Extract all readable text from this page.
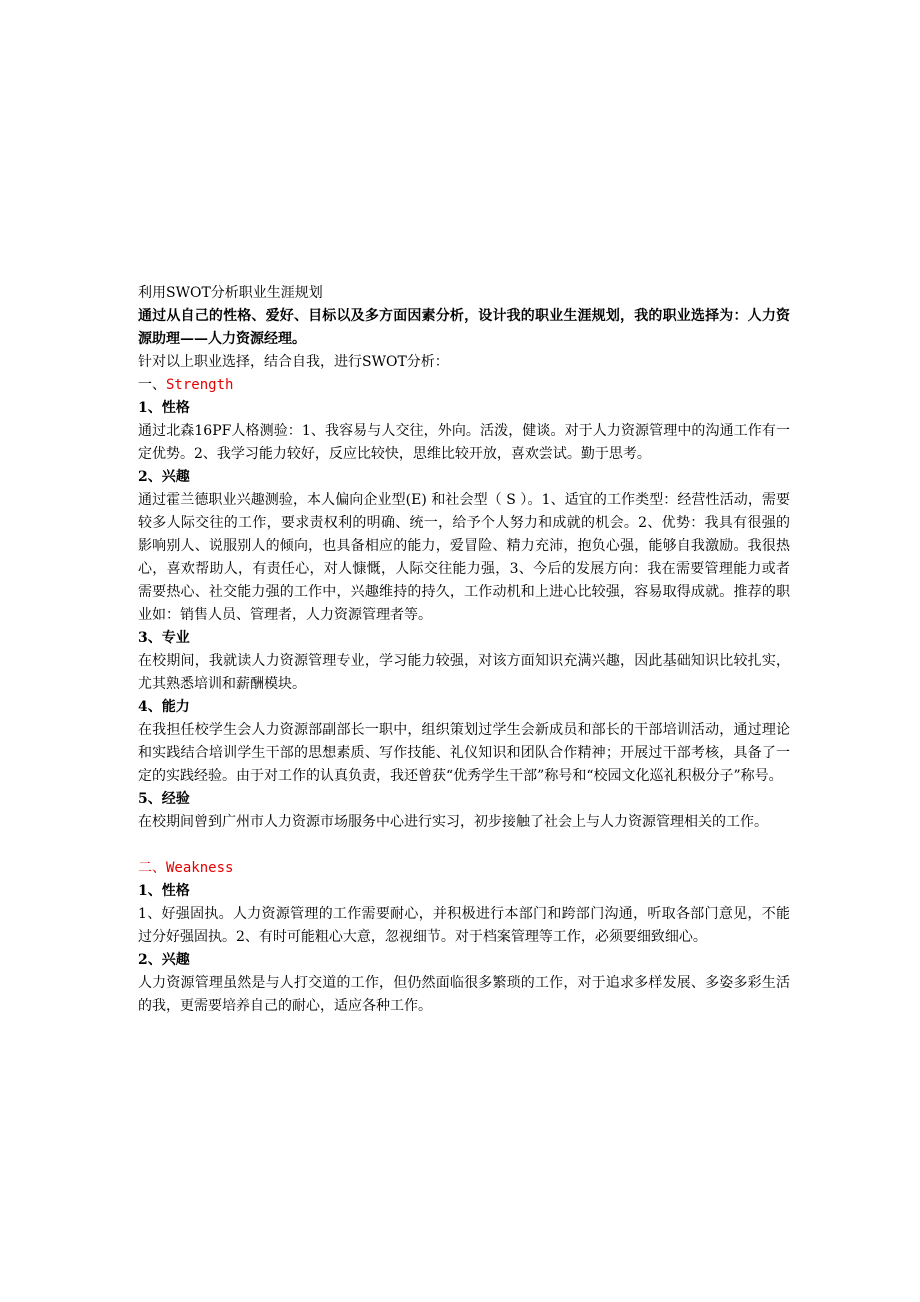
利用SWOT分析职业生涯规划
通过从自己的性格、爱好、目标以及多方面因素分析，设计我的职业生涯规划，我的职业选择为：人力资源助理——人力资源经理。
针对以上职业选择，结合自我，进行SWOT分析：
一、Strength
1、性格
通过北森16PF人格测验：1、我容易与人交往，外向。活泼，健谈。对于人力资源管理中的沟通工作有一定优势。2、我学习能力较好，反应比较快，思维比较开放，喜欢尝试。勤于思考。
2、兴趣
通过霍兰德职业兴趣测验，本人偏向企业型(E) 和社会型（ S ）。1、适宜的工作类型：经营性活动，需要较多人际交往的工作，要求责权利的明确、统一，给予个人努力和成就的机会。2、优势：我具有很强的影响别人、说服别人的倾向，也具备相应的能力，爱冒险、精力充沛，抱负心强，能够自我激励。我很热心，喜欢帮助人，有责任心，对人慷慨，人际交往能力强，3、今后的发展方向：我在需要管理能力或者需要热心、社交能力强的工作中，兴趣维持的持久，工作动机和上进心比较强，容易取得成就。推荐的职业如：销售人员、管理者，人力资源管理者等。
3、专业
在校期间，我就读人力资源管理专业，学习能力较强，对该方面知识充满兴趣，因此基础知识比较扎实，尤其熟悉培训和薪酬模块。
4、能力
在我担任校学生会人力资源部副部长一职中，组织策划过学生会新成员和部长的干部培训活动，通过理论和实践结合培训学生干部的思想素质、写作技能、礼仪知识和团队合作精神；开展过干部考核，具备了一定的实践经验。由于对工作的认真负责，我还曾获“优秀学生干部”称号和“校园文化巡礼积极分子”称号。
5、经验
在校期间曾到广州市人力资源市场服务中心进行实习，初步接触了社会上与人力资源管理相关的工作。
二、Weakness
1、性格
1、好强固执。人力资源管理的工作需要耐心，并积极进行本部门和跨部门沟通，听取各部门意见，不能过分好强固执。2、有时可能粗心大意，忽视细节。对于档案管理等工作，必须要细致细心。
2、兴趣
人力资源管理虽然是与人打交道的工作，但仍然面临很多繁琐的工作，对于追求多样发展、多姿多彩生活的我，更需要培养自己的耐心，适应各种工作。
